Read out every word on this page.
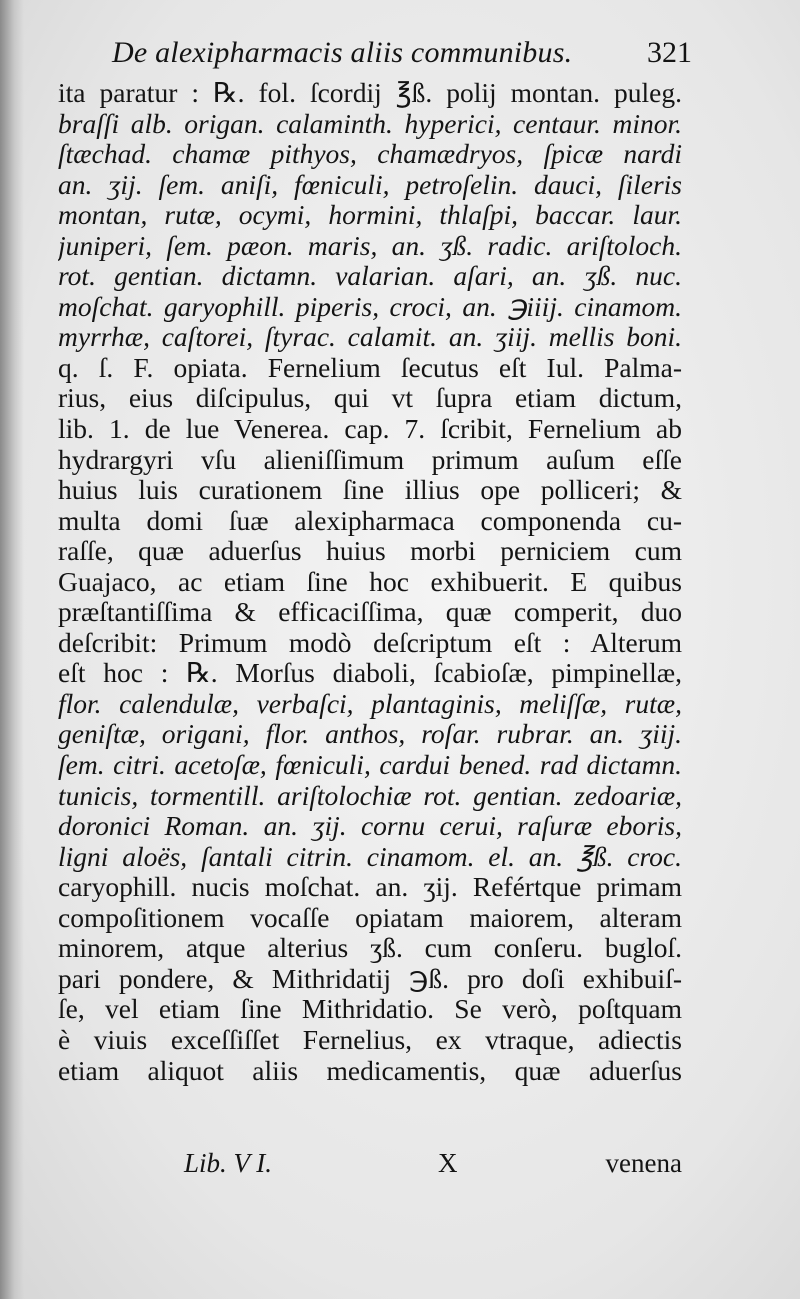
De alexipharmacis aliis communibus. 321
ita paratur : ℞. fol. ſcordij ℥ß. polij montan. puleg.
braſſi alb. origan. calaminth. hyperici, centaur. minor.
ſtæchad. chamæ pithyos, chamædryos, ſpicæ nardi
an. ʒij. ſem. aniſi, fœniculi, petroſelin. dauci, ſileris
montan, rutæ, ocymi, hormini, thlaſpi, baccar. laur.
juniperi, ſem. pæon. maris, an. ʒß. radic. ariſtoloch.
rot. gentian. dictamn. valarian. aſari, an. ʒß. nuc.
moſchat. garyophill. piperis, croci, an. ℈iiij. cinamom.
myrrhæ, caſtorei, ſtyrac. calamit. an. ʒiij. mellis boni.
q. ſ. F. opiata. Fernelium ſecutus eſt Iul. Palma-
rius, eius diſcipulus, qui vt ſupra etiam dictum,
lib. 1. de lue Venerea. cap. 7. ſcribit, Fernelium ab
hydrargyri vſu alieniſſimum primum auſum eſſe
huius luis curationem ſine illius ope polliceri; &
multa domi ſuæ alexipharmaca componenda cu-
raſſe, quæ aduerſus huius morbi perniciem cum
Guajaco, ac etiam ſine hoc exhibuerit. E quibus
præſtantiſſima & efficaciſſima, quæ comperit, duo
deſcribit: Primum modò deſcriptum eſt : Alterum
eſt hoc : ℞. Morſus diaboli, ſcabioſæ, pimpinellæ,
flor. calendulæ, verbaſci, plantaginis, meliſſæ, rutæ,
geniſtæ, origani, flor. anthos, roſar. rubrar. an. ʒiij.
ſem. citri. acetoſæ, fœniculi, cardui bened. rad dictamn.
tunicis, tormentill. ariſtolochiæ rot. gentian. zedoariæ,
doronici Roman. an. ʒij. cornu cerui, raſuræ eboris,
ligni aloës, ſantali citrin. cinamom. el. an. ℥ß. croc.
caryophill. nucis moſchat. an. ʒij. Refértque primam
compoſitionem vocaſſe opiatam maiorem, alteram
minorem, atque alterius ʒß. cum conſeru. bugloſ.
pari pondere, & Mithridatij ℈ß. pro doſi exhibuiſ-
ſe, vel etiam ſine Mithridatio. Se verò, poſtquam
è viuis exceſſiſſet Fernelius, ex vtraque, adiectis
etiam aliquot aliis medicamentis, quæ aduerſus
Lib. V I.	X	venena
